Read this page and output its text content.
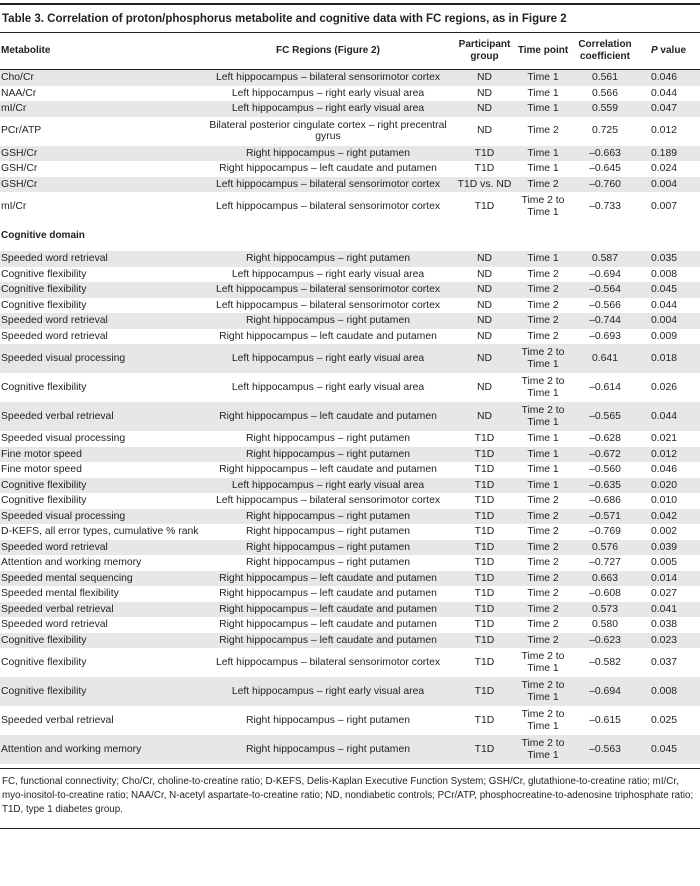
Table 3. Correlation of proton/phosphorus metabolite and cognitive data with FC regions, as in Figure 2
Metabolite	FC Regions (Figure 2)	Participant group	Time point	Correlation coefficient	P value
Cho/Cr	Left hippocampus – bilateral sensorimotor cortex	ND	Time 1	0.561	0.046
NAA/Cr	Left hippocampus – right early visual area	ND	Time 1	0.566	0.044
mI/Cr	Left hippocampus – right early visual area	ND	Time 1	0.559	0.047
PCr/ATP	Bilateral posterior cingulate cortex – right precentral gyrus	ND	Time 2	0.725	0.012
GSH/Cr	Right hippocampus – right putamen	T1D	Time 1	–0.663	0.189
GSH/Cr	Right hippocampus – left caudate and putamen	T1D	Time 1	–0.645	0.024
GSH/Cr	Left hippocampus – bilateral sensorimotor cortex	T1D vs. ND	Time 2	–0.760	0.004
mI/Cr	Left hippocampus – bilateral sensorimotor cortex	T1D	Time 2 to Time 1	–0.733	0.007
Cognitive domain					
Speeded word retrieval	Right hippocampus – right putamen	ND	Time 1	0.587	0.035
Cognitive flexibility	Left hippocampus – right early visual area	ND	Time 2	–0.694	0.008
Cognitive flexibility	Left hippocampus – bilateral sensorimotor cortex	ND	Time 2	–0.564	0.045
Cognitive flexibility	Left hippocampus – bilateral sensorimotor cortex	ND	Time 2	–0.566	0.044
Speeded word retrieval	Right hippocampus – right putamen	ND	Time 2	–0.744	0.004
Speeded word retrieval	Right hippocampus – left caudate and putamen	ND	Time 2	–0.693	0.009
Speeded visual processing	Left hippocampus – right early visual area	ND	Time 2 to Time 1	0.641	0.018
Cognitive flexibility	Left hippocampus – right early visual area	ND	Time 2 to Time 1	–0.614	0.026
Speeded verbal retrieval	Right hippocampus – left caudate and putamen	ND	Time 2 to Time 1	–0.565	0.044
Speeded visual processing	Right hippocampus – right putamen	T1D	Time 1	–0.628	0.021
Fine motor speed	Right hippocampus – right putamen	T1D	Time 1	–0.672	0.012
Fine motor speed	Right hippocampus – left caudate and putamen	T1D	Time 1	–0.560	0.046
Cognitive flexibility	Left hippocampus – right early visual area	T1D	Time 1	–0.635	0.020
Cognitive flexibility	Left hippocampus – bilateral sensorimotor cortex	T1D	Time 2	–0.686	0.010
Speeded visual processing	Right hippocampus – right putamen	T1D	Time 2	–0.571	0.042
D-KEFS, all error types, cumulative % rank	Right hippocampus – right putamen	T1D	Time 2	–0.769	0.002
Speeded word retrieval	Right hippocampus – right putamen	T1D	Time 2	0.576	0.039
Attention and working memory	Right hippocampus – right putamen	T1D	Time 2	–0.727	0.005
Speeded mental sequencing	Right hippocampus – left caudate and putamen	T1D	Time 2	0.663	0.014
Speeded mental flexibility	Right hippocampus – left caudate and putamen	T1D	Time 2	–0.608	0.027
Speeded verbal retrieval	Right hippocampus – left caudate and putamen	T1D	Time 2	0.573	0.041
Speeded word retrieval	Right hippocampus – left caudate and putamen	T1D	Time 2	0.580	0.038
Cognitive flexibility	Right hippocampus – left caudate and putamen	T1D	Time 2	–0.623	0.023
Cognitive flexibility	Left hippocampus – bilateral sensorimotor cortex	T1D	Time 2 to Time 1	–0.582	0.037
Cognitive flexibility	Left hippocampus – right early visual area	T1D	Time 2 to Time 1	–0.694	0.008
Speeded verbal retrieval	Right hippocampus – right putamen	T1D	Time 2 to Time 1	–0.615	0.025
Attention and working memory	Right hippocampus – right putamen	T1D	Time 2 to Time 1	–0.563	0.045
FC, functional connectivity; Cho/Cr, choline-to-creatine ratio; D-KEFS, Delis-Kaplan Executive Function System; GSH/Cr, glutathione-to-creatine ratio; mI/Cr, myo-inositol-to-creatine ratio; NAA/Cr, N-acetyl aspartate-to-creatine ratio; ND, nondiabetic controls; PCr/ATP, phosphocreatine-to-adenosine triphosphate ratio; T1D, type 1 diabetes group.
